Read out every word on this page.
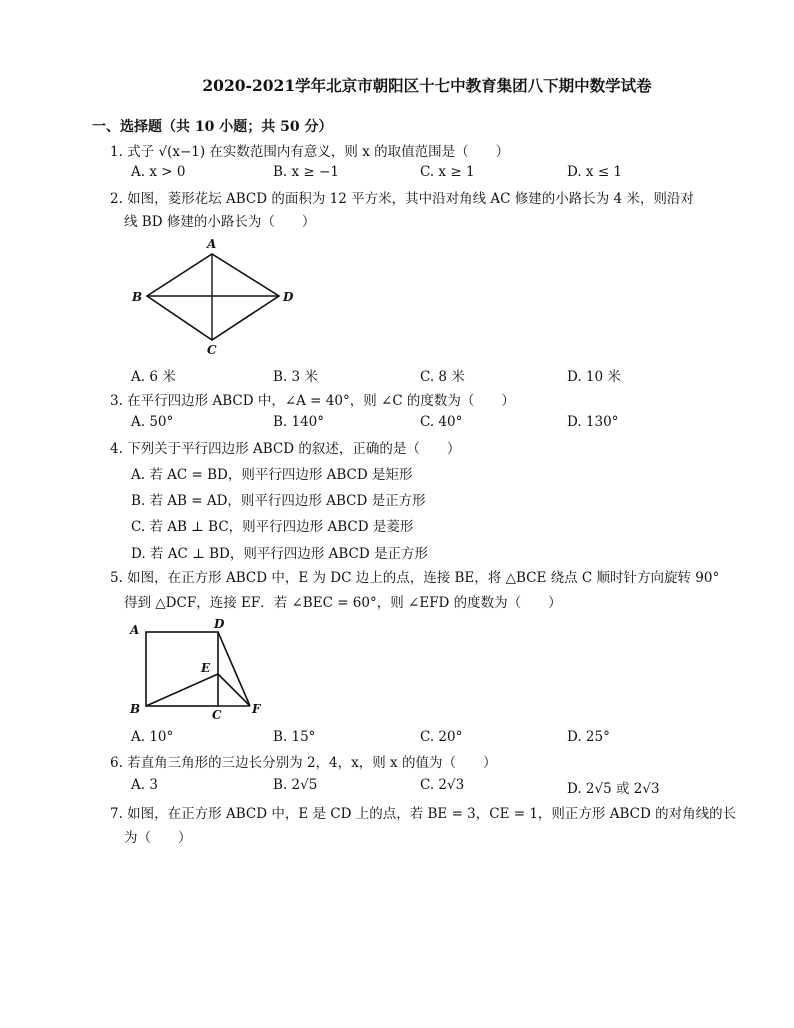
2020-2021学年北京市朝阳区十七中教育集团八下期中数学试卷
一、选择题（共 10 小题；共 50 分）
1. 式子 √(x−1) 在实数范围内有意义，则 x 的取值范围是（　　）
A. x > 0	B. x ≥ −1	C. x ≥ 1	D. x ≤ 1
2. 如图，菱形花坛 ABCD 的面积为 12 平方米，其中沿对角线 AC 修建的小路长为 4 米，则沿对
线 BD 修建的小路长为（　　）
A
B
C
D
A. 6 米	B. 3 米	C. 8 米	D. 10 米
3. 在平行四边形 ABCD 中，∠A = 40°，则 ∠C 的度数为（　　）
A. 50°	B. 140°	C. 40°	D. 130°
4. 下列关于平行四边形 ABCD 的叙述，正确的是（　　）
A. 若 AC = BD，则平行四边形 ABCD 是矩形
B. 若 AB = AD，则平行四边形 ABCD 是正方形
C. 若 AB ⊥ BC，则平行四边形 ABCD 是菱形
D. 若 AC ⊥ BD，则平行四边形 ABCD 是正方形
5. 如图，在正方形 ABCD 中，E 为 DC 边上的点，连接 BE，将 △BCE 绕点 C 顺时针方向旋转 90°
得到 △DCF，连接 EF．若 ∠BEC = 60°，则 ∠EFD 的度数为（　　）
A	D
E
B	C	F
A. 10°	B. 15°	C. 20°	D. 25°
6. 若直角三角形的三边长分别为 2，4，x，则 x 的值为（　　）
A. 3	B. 2√5	C. 2√3	D. 2√5 或 2√3
7. 如图，在正方形 ABCD 中，E 是 CD 上的点，若 BE = 3，CE = 1，则正方形 ABCD 的对角线的长
为（　　）
